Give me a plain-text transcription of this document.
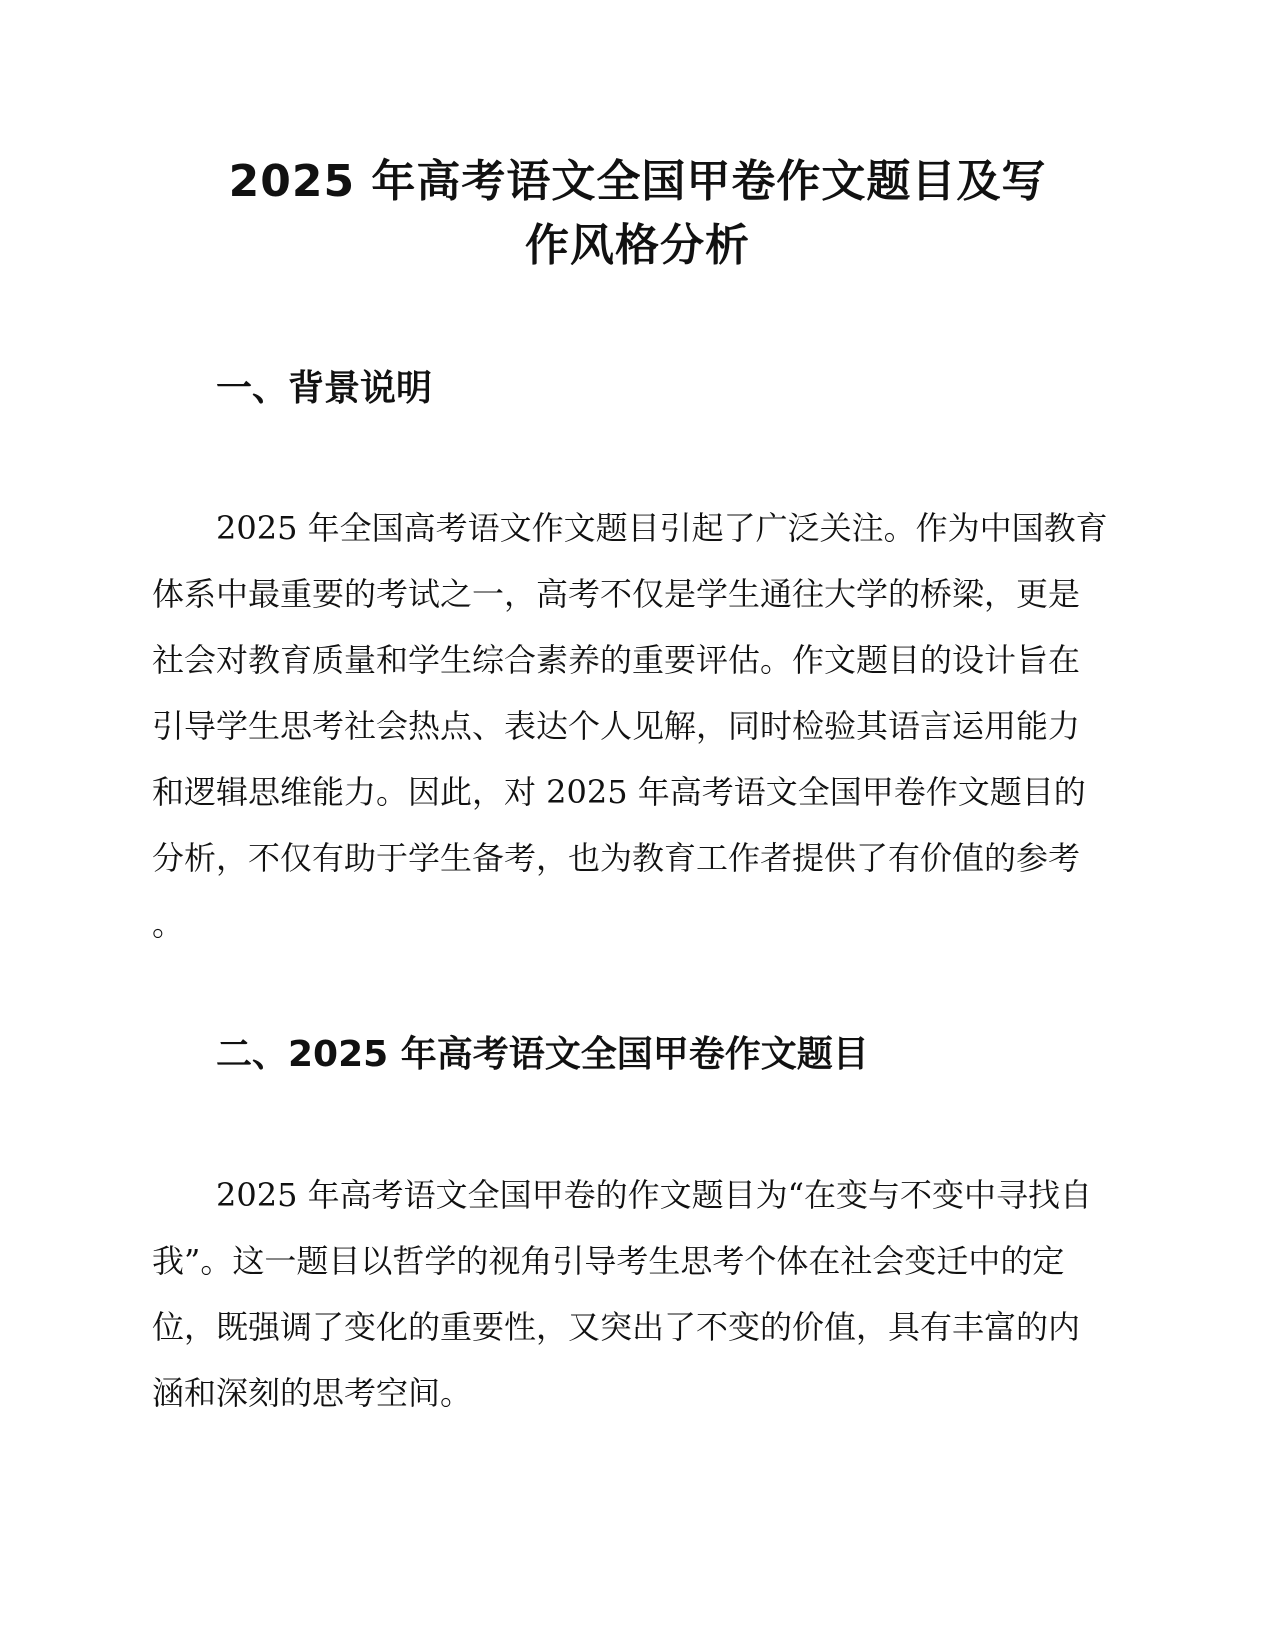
2025 年高考语文全国甲卷作文题目及写
作风格分析
一、背景说明

2025 年全国高考语文作文题目引起了广泛关注。作为中国教育
体系中最重要的考试之一，高考不仅是学生通往大学的桥梁，更是
社会对教育质量和学生综合素养的重要评估。作文题目的设计旨在
引导学生思考社会热点、表达个人见解，同时检验其语言运用能力
和逻辑思维能力。因此，对 2025 年高考语文全国甲卷作文题目的
分析，不仅有助于学生备考，也为教育工作者提供了有价值的参考
。

二、2025 年高考语文全国甲卷作文题目

2025 年高考语文全国甲卷的作文题目为“在变与不变中寻找自
我”。这一题目以哲学的视角引导考生思考个体在社会变迁中的定
位，既强调了变化的重要性，又突出了不变的价值，具有丰富的内
涵和深刻的思考空间。
